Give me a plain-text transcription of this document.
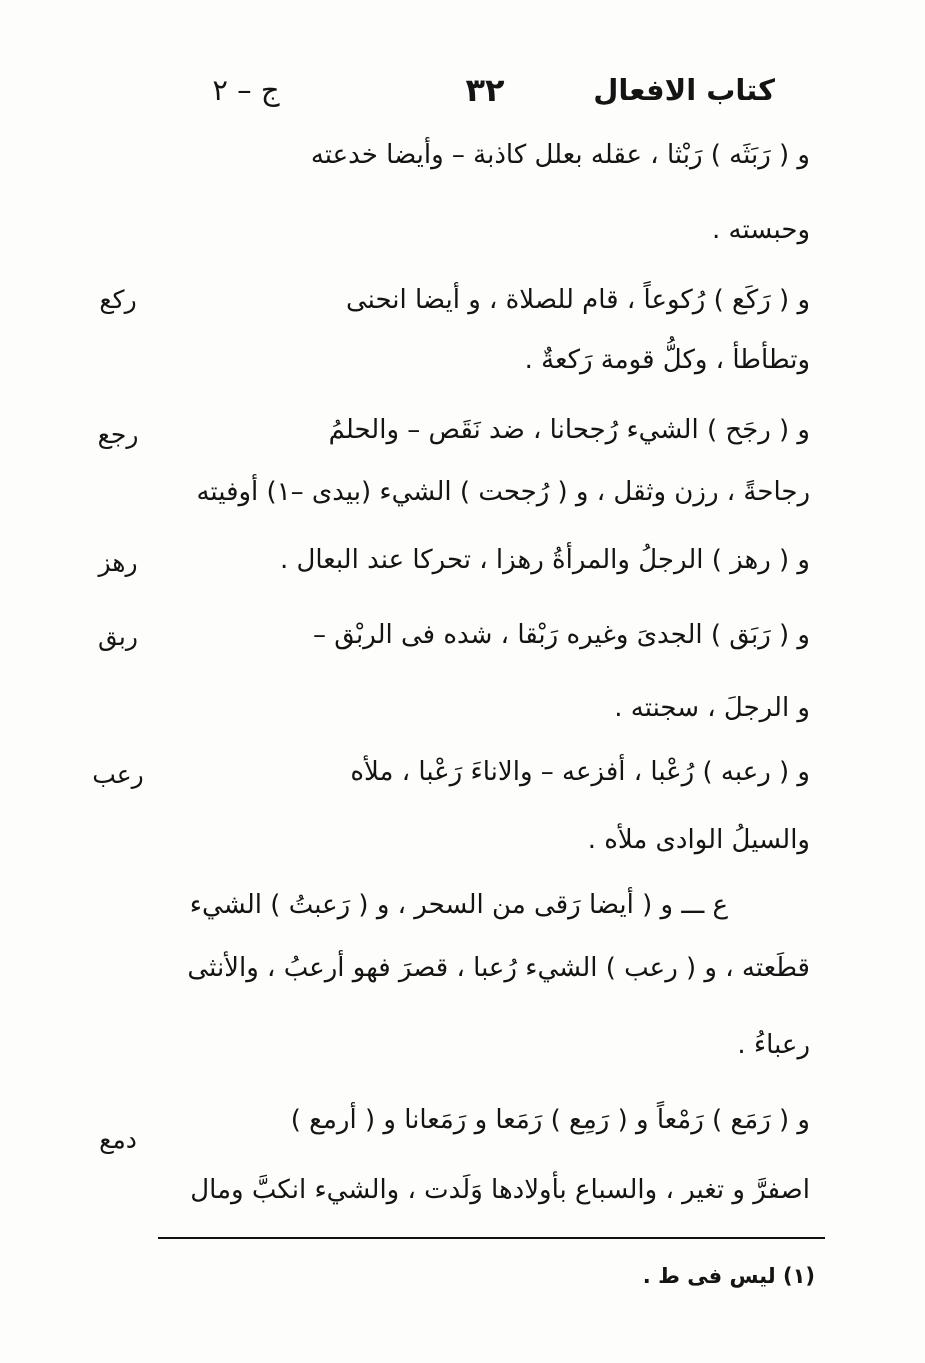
كتاب الافعال
٣٢
ج – ٢
و ( رَبَثَه ) رَبْثا ، عقله بعلل كاذبة – وأيضا خدعته
وحبسته .
و ( رَكَع ) رُكوعاً ، قام للصلاة ، و أيضا انحنى
وتطأطأ ، وكلُّ قومة رَكعةٌ .
و ( رجَح ) الشيء رُجحانا ، ضد نَقَص – والحلمُ
رجاحةً ، رزن وثقل ، و ( رُجحت ) الشيء (بيدى –١) أوفيته
و ( رهز ) الرجلُ والمرأةُ رهزا ، تحركا عند البعال .
و ( رَبَق ) الجدىَ وغيره رَبْقا ، شده فى الربْق –
و الرجلَ ، سجنته .
و ( رعبه ) رُعْبا ، أفزعه – والاناءَ رَعْبا ، ملأه
والسيلُ الوادى ملأه .
ع ـــ و ( أيضا رَقى من السحر ، و ( رَعبتُ ) الشيء
قطَعته ، و ( رعب ) الشيء رُعبا ، قصرَ فهو أرعبُ ، والأنثى
رعباءُ .
و ( رَمَع ) رَمْعاً و ( رَمِع ) رَمَعا و رَمَعانا و ( أرمع )
اصفرَّ و تغير ، والسباع بأولادها وَلَدت ، والشيء انكبَّ ومال
ركع
رجع
رهز
ربق
رعب
دمع
(١) ليس فى ط .
